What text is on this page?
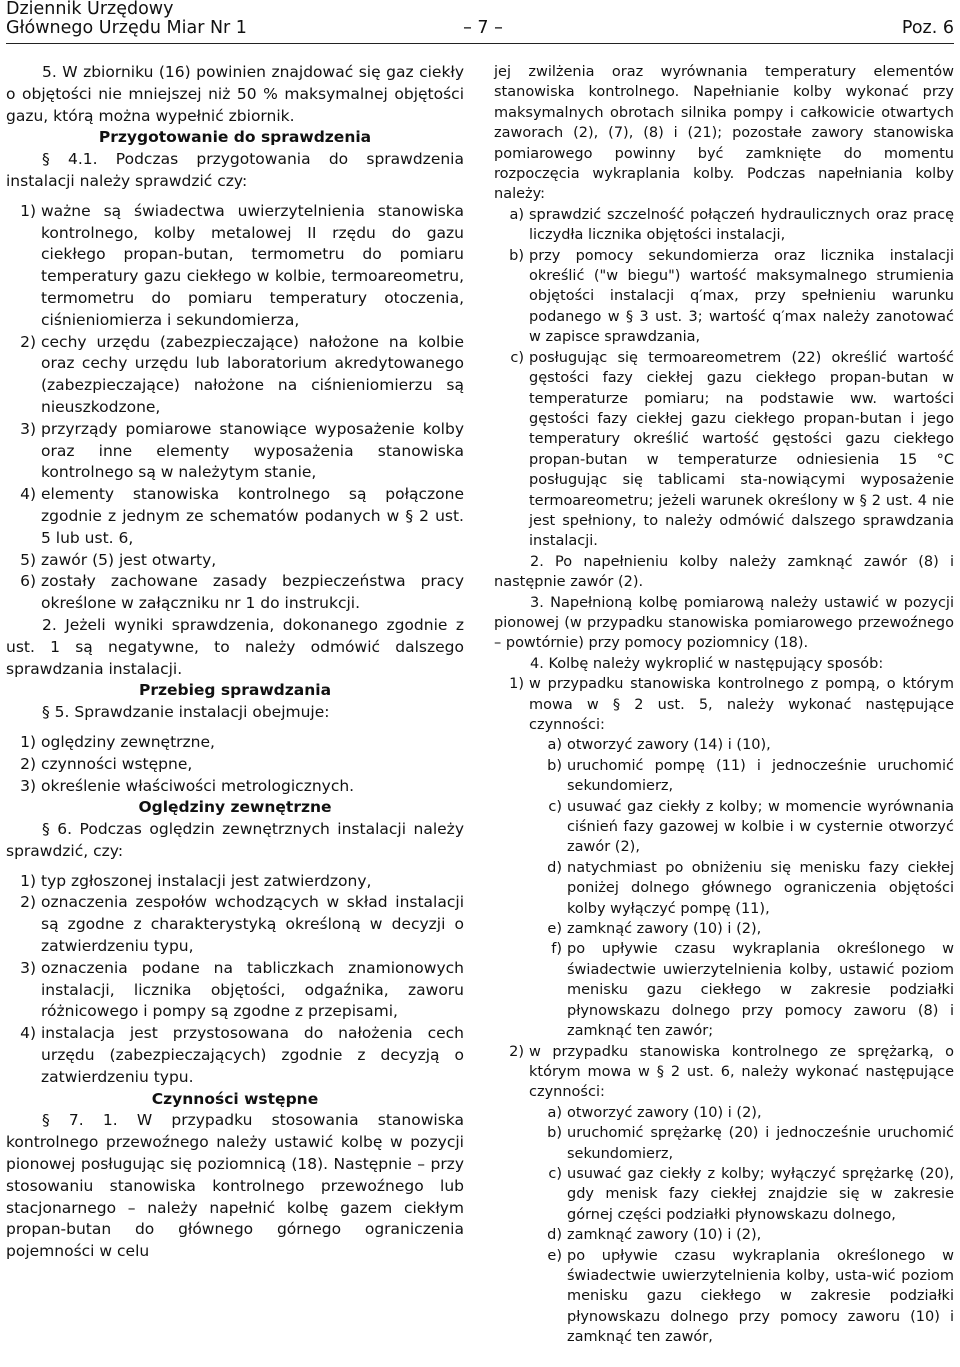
Dziennik Urzędowy
Głównego Urzędu Miar Nr 1	– 7 –	Poz. 6

5. W zbiorniku (16) powinien znajdować się gaz ciekły o objętości nie mniejszej niż 50 % maksymalnej objętości gazu, którą można wypełnić zbiornik.

Przygotowanie do sprawdzenia

§ 4.1. Podczas przygotowania do sprawdzenia instalacji należy sprawdzić czy:

1) ważne są świadectwa uwierzytelnienia stanowiska kontrolnego, kolby metalowej II rzędu do gazu ciekłego propan-butan, termometru do pomiaru temperatury gazu ciekłego w kolbie, termoareometru, termometru do pomiaru temperatury otoczenia, ciśnieniomierza i sekundomierza,
2) cechy urzędu (zabezpieczające) nałożone na kolbie oraz cechy urzędu lub laboratorium akredytowanego (zabezpieczające) nałożone na ciśnieniomierzu są nieuszkodzone,
3) przyrządy pomiarowe stanowiące wyposażenie kolby oraz inne elementy wyposażenia stanowiska kontrolnego są w należytym stanie,
4) elementy stanowiska kontrolnego są połączone zgodnie z jednym ze schematów podanych w § 2 ust. 5 lub ust. 6,
5) zawór (5) jest otwarty,
6) zostały zachowane zasady bezpieczeństwa pracy określone w załączniku nr 1 do instrukcji.

2. Jeżeli wyniki sprawdzenia, dokonanego zgodnie z ust. 1 są negatywne, to należy odmówić dalszego sprawdzania instalacji.

Przebieg sprawdzania

§ 5. Sprawdzanie instalacji obejmuje:

1) oględziny zewnętrzne,
2) czynności wstępne,
3) określenie właściwości metrologicznych.

Oględziny zewnętrzne

§ 6. Podczas oględzin zewnętrznych instalacji należy sprawdzić, czy:

1) typ zgłoszonej instalacji jest zatwierdzony,
2) oznaczenia zespołów wchodzących w skład instalacji są zgodne z charakterystyką określoną w decyzji o zatwierdzeniu typu,
3) oznaczenia podane na tabliczkach znamionowych instalacji, licznika objętości, odgaźnika, zaworu różnicowego i pompy są zgodne z przepisami,
4) instalacja jest przystosowana do nałożenia cech urzędu (zabezpieczających) zgodnie z decyzją o zatwierdzeniu typu.

Czynności wstępne

§ 7. 1. W przypadku stosowania stanowiska kontrolnego przewoźnego należy ustawić kolbę w pozycji pionowej posługując się poziomnicą (18). Następnie – przy stosowaniu stanowiska kontrolnego przewoźnego lub stacjonarnego – należy napełnić kolbę gazem ciekłym propan-butan do głównego górnego ograniczenia pojemności w celu

jej zwilżenia oraz wyrównania temperatury elementów stanowiska kontrolnego. Napełnianie kolby wykonać przy maksymalnych obrotach silnika pompy i całkowicie otwartych zaworach (2), (7), (8) i (21); pozostałe zawory stanowiska pomiarowego powinny być zamknięte do momentu rozpoczęcia wykraplania kolby. Podczas napełniania kolby należy:

a) sprawdzić szczelność połączeń hydraulicznych oraz pracę liczydła licznika objętości instalacji,
b) przy pomocy sekundomierza oraz licznika instalacji określić ("w biegu") wartość maksymalnego strumienia objętości instalacji q′max, przy spełnieniu warunku podanego w § 3 ust. 3; wartość q′max należy zanotować w zapisce sprawdzania,
c) posługując się termoareometrem (22) określić wartość gęstości fazy ciekłej gazu ciekłego propan-butan w temperaturze pomiaru; na podstawie ww. wartości gęstości fazy ciekłej gazu ciekłego propan-butan i jego temperatury określić wartość gęstości gazu ciekłego propan-butan w temperaturze odniesienia 15 °C posługując się tablicami sta-nowiącymi wyposażenie termoareometru; jeżeli warunek określony w § 2 ust. 4 nie jest spełniony, to należy odmówić dalszego sprawdzania instalacji.

2. Po napełnieniu kolby należy zamknąć zawór (8) i następnie zawór (2).

3. Napełnioną kolbę pomiarową należy ustawić w pozycji pionowej (w przypadku stanowiska pomiarowego przewoźnego – powtórnie) przy pomocy poziomnicy (18).

4. Kolbę należy wykroplić w następujący sposób:

1) w przypadku stanowiska kontrolnego z pompą, o którym mowa w § 2 ust. 5, należy wykonać następujące czynności:
a) otworzyć zawory (14) i (10),
b) uruchomić pompę (11) i jednocześnie uruchomić sekundomierz,
c) usuwać gaz ciekły z kolby; w momencie wyrównania ciśnień fazy gazowej w kolbie i w cysternie otworzyć zawór (2),
d) natychmiast po obniżeniu się menisku fazy ciekłej poniżej dolnego głównego ograniczenia objętości kolby wyłączyć pompę (11),
e) zamknąć zawory (10) i (2),
f) po upływie czasu wykraplania określonego w świadectwie uwierzytelnienia kolby, ustawić poziom menisku gazu ciekłego w zakresie podziałki płynowskazu dolnego przy pomocy zaworu (8) i zamknąć ten zawór;
2) w przypadku stanowiska kontrolnego ze sprężarką, o którym mowa w § 2 ust. 6, należy wykonać następujące czynności:
a) otworzyć zawory (10) i (2),
b) uruchomić sprężarkę (20) i jednocześnie uruchomić sekundomierz,
c) usuwać gaz ciekły z kolby; wyłączyć sprężarkę (20), gdy menisk fazy ciekłej znajdzie się w zakresie górnej części podziałki płynowskazu dolnego,
d) zamknąć zawory (10) i (2),
e) po upływie czasu wykraplania określonego w świadectwie uwierzytelnienia kolby, usta-wić poziom menisku gazu ciekłego w zakresie podziałki płynowskazu dolnego przy pomocy zaworu (10) i zamknąć ten zawór,
